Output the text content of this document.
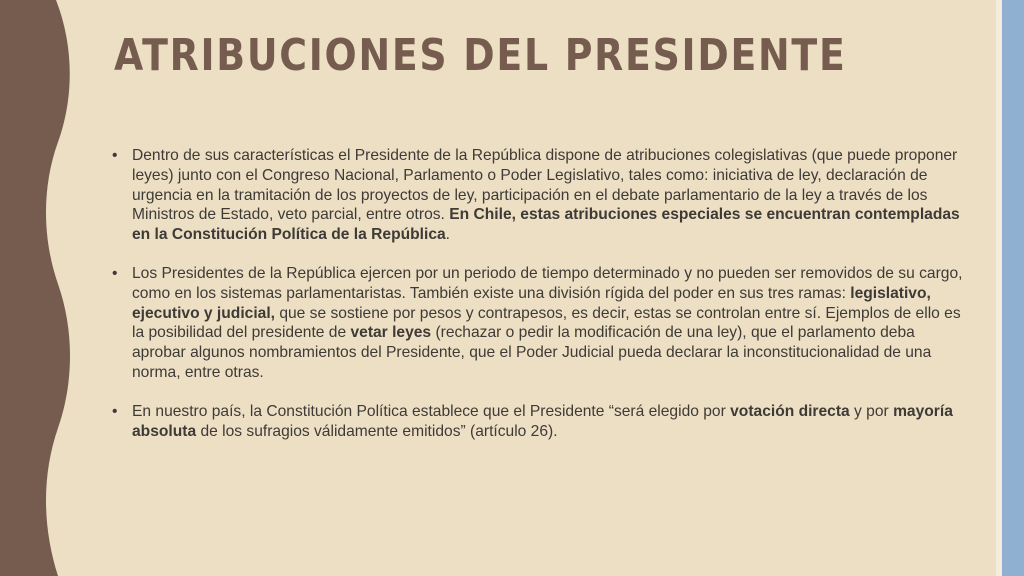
ATRIBUCIONES DEL PRESIDENTE
• Dentro de sus características el Presidente de la República dispone de atribuciones colegislativas (que puede proponer leyes) junto con el Congreso Nacional, Parlamento o Poder Legislativo, tales como: iniciativa de ley, declaración de urgencia en la tramitación de los proyectos de ley, participación en el debate parlamentario de la ley a través de los Ministros de Estado, veto parcial, entre otros. En Chile, estas atribuciones especiales se encuentran contempladas en la Constitución Política de la República.
• Los Presidentes de la República ejercen por un periodo de tiempo determinado y no pueden ser removidos de su cargo, como en los sistemas parlamentaristas. También existe una división rígida del poder en sus tres ramas: legislativo, ejecutivo y judicial, que se sostiene por pesos y contrapesos, es decir, estas se controlan entre sí. Ejemplos de ello es la posibilidad del presidente de vetar leyes (rechazar o pedir la modificación de una ley), que el parlamento deba aprobar algunos nombramientos del Presidente, que el Poder Judicial pueda declarar la inconstitucionalidad de una norma, entre otras.
• En nuestro país, la Constitución Política establece que el Presidente “será elegido por votación directa y por mayoría absoluta de los sufragios válidamente emitidos” (artículo 26).
